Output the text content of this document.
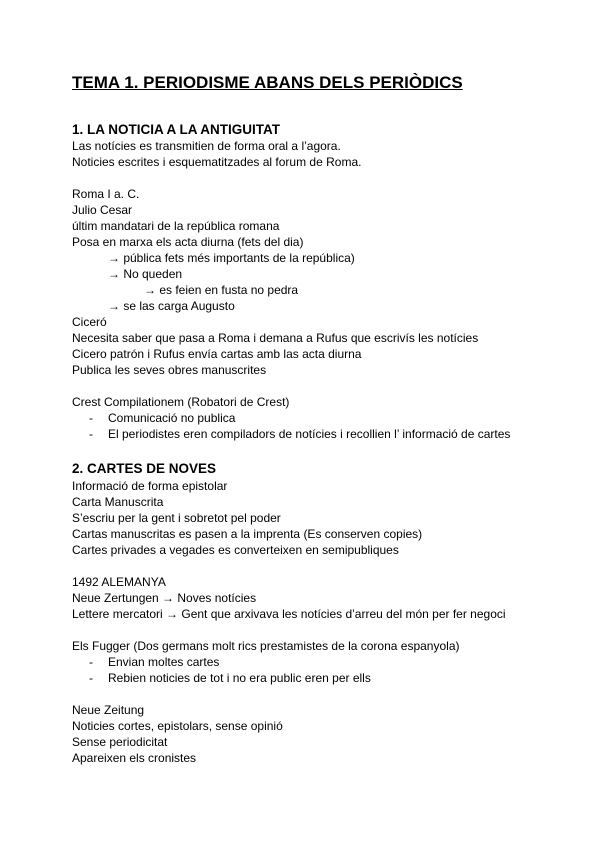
TEMA 1. PERIODISME ABANS DELS PERIÒDICS
1. LA NOTICIA A LA ANTIGUITAT
Las notícies es transmitien de forma oral a l’agora.
Noticies escrites i esquematitzades al forum de Roma.
Roma I a. C.
Julio Cesar
últim mandatari de la república romana
Posa en marxa els acta diurna (fets del dia)
→ pública fets més importants de la república)
→ No queden
→ es feien en fusta no pedra
→ se las carga Augusto
Ciceró
Necesita saber que pasa a Roma i demana a Rufus que escrivís les notícies
Cicero patrón i Rufus envía cartas amb las acta diurna
Publica les seves obres manuscrites
Crest Compilationem (Robatori de Crest)
- Comunicació no publica
- El periodistes eren compiladors de notícies i recollien l’ informació de cartes
2. CARTES DE NOVES
Informació de forma epistolar
Carta Manuscrita
S’escriu per la gent i sobretot pel poder
Cartas manuscritas es pasen a la imprenta (Es conserven copies)
Cartes privades a vegades es converteixen en semipubliques
1492 ALEMANYA
Neue Zertungen → Noves notícies
Lettere mercatori → Gent que arxivava les notícies d’arreu del món per fer negoci
Els Fugger (Dos germans molt rics prestamistes de la corona espanyola)
- Envian moltes cartes
- Rebien noticies de tot i no era public eren per ells
Neue Zeitung
Noticies cortes, epistolars, sense opinió
Sense periodicitat
Apareixen els cronistes
